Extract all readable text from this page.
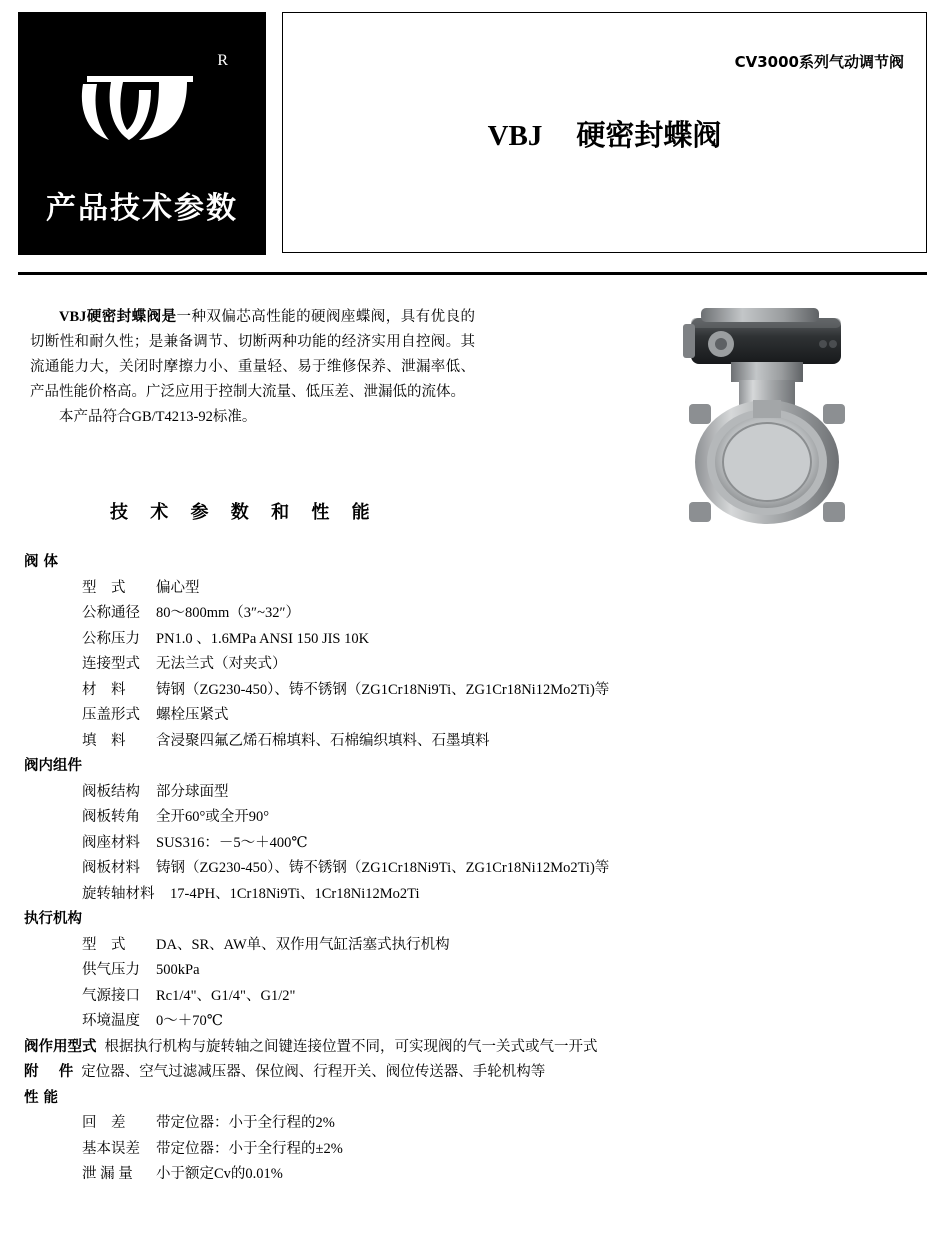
R
产品技术参数
CV3000系列气动调节阀
VBJ 硬密封蝶阀

VBJ硬密封蝶阀是一种双偏芯高性能的硬阀座蝶阀，具有优良的切断性和耐久性；是兼备调节、切断两种功能的经济实用自控阀。其流通能力大，关闭时摩擦力小、重量轻、易于维修保养、泄漏率低、产品性能价格高。广泛应用于控制大流量、低压差、泄漏低的流体。

本产品符合GB/T4213-92标准。

技 术 参 数 和 性 能
阀 体
型    式	偏心型
公称通径	80～800mm（3″~32″）
公称压力	PN1.0 、1.6MPa ANSI 150 JIS 10K
连接型式	无法兰式（对夹式）
材    料	铸钢（ZG230-450）、铸不锈钢（ZG1Cr18Ni9Ti、ZG1Cr18Ni12Mo2Ti)等
压盖形式	螺栓压紧式
填    料	含浸聚四氟乙烯石棉填料、石棉编织填料、石墨填料
阀内组件
阀板结构	部分球面型
阀板转角	全开60°或全开90°
阀座材料	SUS316：－5～＋400℃
阀板材料	铸钢（ZG230-450）、铸不锈钢（ZG1Cr18Ni9Ti、ZG1Cr18Ni12Mo2Ti)等
旋转轴材料	17-4PH、1Cr18Ni9Ti、1Cr18Ni12Mo2Ti
执行机构
型    式	DA、SR、AW单、双作用气缸活塞式执行机构
供气压力	500kPa
气源接口	Rc1/4"、G1/4"、G1/2"
环境温度	0～＋70℃
阀作用型式 根据执行机构与旋转轴之间键连接位置不同，可实现阀的气一关式或气一开式
附    件 定位器、空气过滤减压器、保位阀、行程开关、阀位传送器、手轮机构等
性 能
回    差	带定位器：小于全行程的2%
基本误差	带定位器：小于全行程的±2%
泄 漏 量	小于额定Cv的0.01%
